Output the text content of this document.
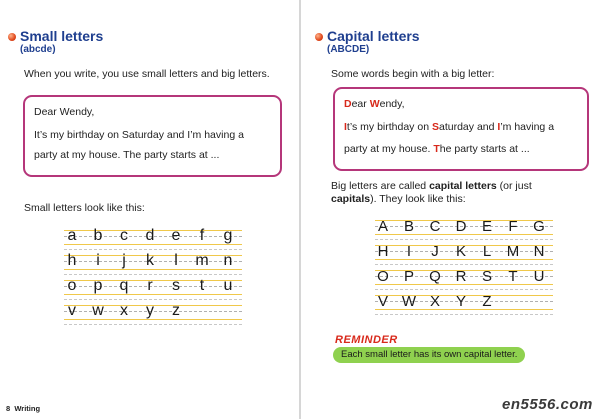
Small letters
(abcde)
When you write, you use small letters and big letters.
Dear Wendy,
It’s my birthday on Saturday and I’m having a
party at my house. The party starts at ...
Small letters look like this:
a	b	c	d	e	f	g
h	i	j	k	l	m n
o	p	q	r	s	t	u
v	w	x	y	z
8 Writing
Capital letters
(ABCDE)
Some words begin with a big letter:
Dear Wendy,
It’s my birthday on Saturday and I’m having a
party at my house. The party starts at ...
Big letters are called capital letters (or just
capitals). They look like this:
A	B	C	D	E	F	G
H	I	J	K	L	M N
O	P	Q R	S	T	U
V W X	Y	Z
REMINDER
Each small letter has its own capital letter.
en5556.com
